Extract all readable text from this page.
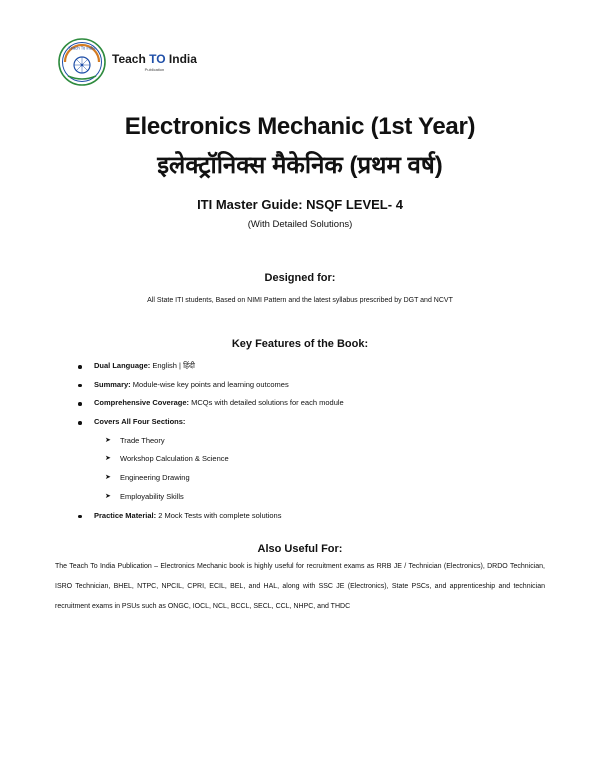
Teach To India
Teach TO India
Publication
Electronics Mechanic (1st Year)
इलेक्ट्रॉनिक्स मैकेनिक (प्रथम वर्ष)
ITI Master Guide: NSQF LEVEL- 4
(With Detailed Solutions)
Designed for:
All State ITI students, Based on NIMI Pattern and the latest syllabus prescribed by DGT and NCVT
Key Features of the Book:
Dual Language: English | हिंदी
Summary: Module-wise key points and learning outcomes
Comprehensive Coverage: MCQs with detailed solutions for each module
Covers All Four Sections:
➤ Trade Theory
➤ Workshop Calculation & Science
➤ Engineering Drawing
➤ Employability Skills
Practice Material: 2 Mock Tests with complete solutions
Also Useful For:
The Teach To India Publication – Electronics Mechanic book is highly useful for recruitment exams as RRB JE / Technician (Electronics), DRDO Technician, ISRO Technician, BHEL, NTPC, NPCIL, CPRI, ECIL, BEL, and HAL, along with SSC JE (Electronics), State PSCs, and apprenticeship and technician recruitment exams in PSUs such as ONGC, IOCL, NCL, BCCL, SECL, CCL, NHPC, and THDC
